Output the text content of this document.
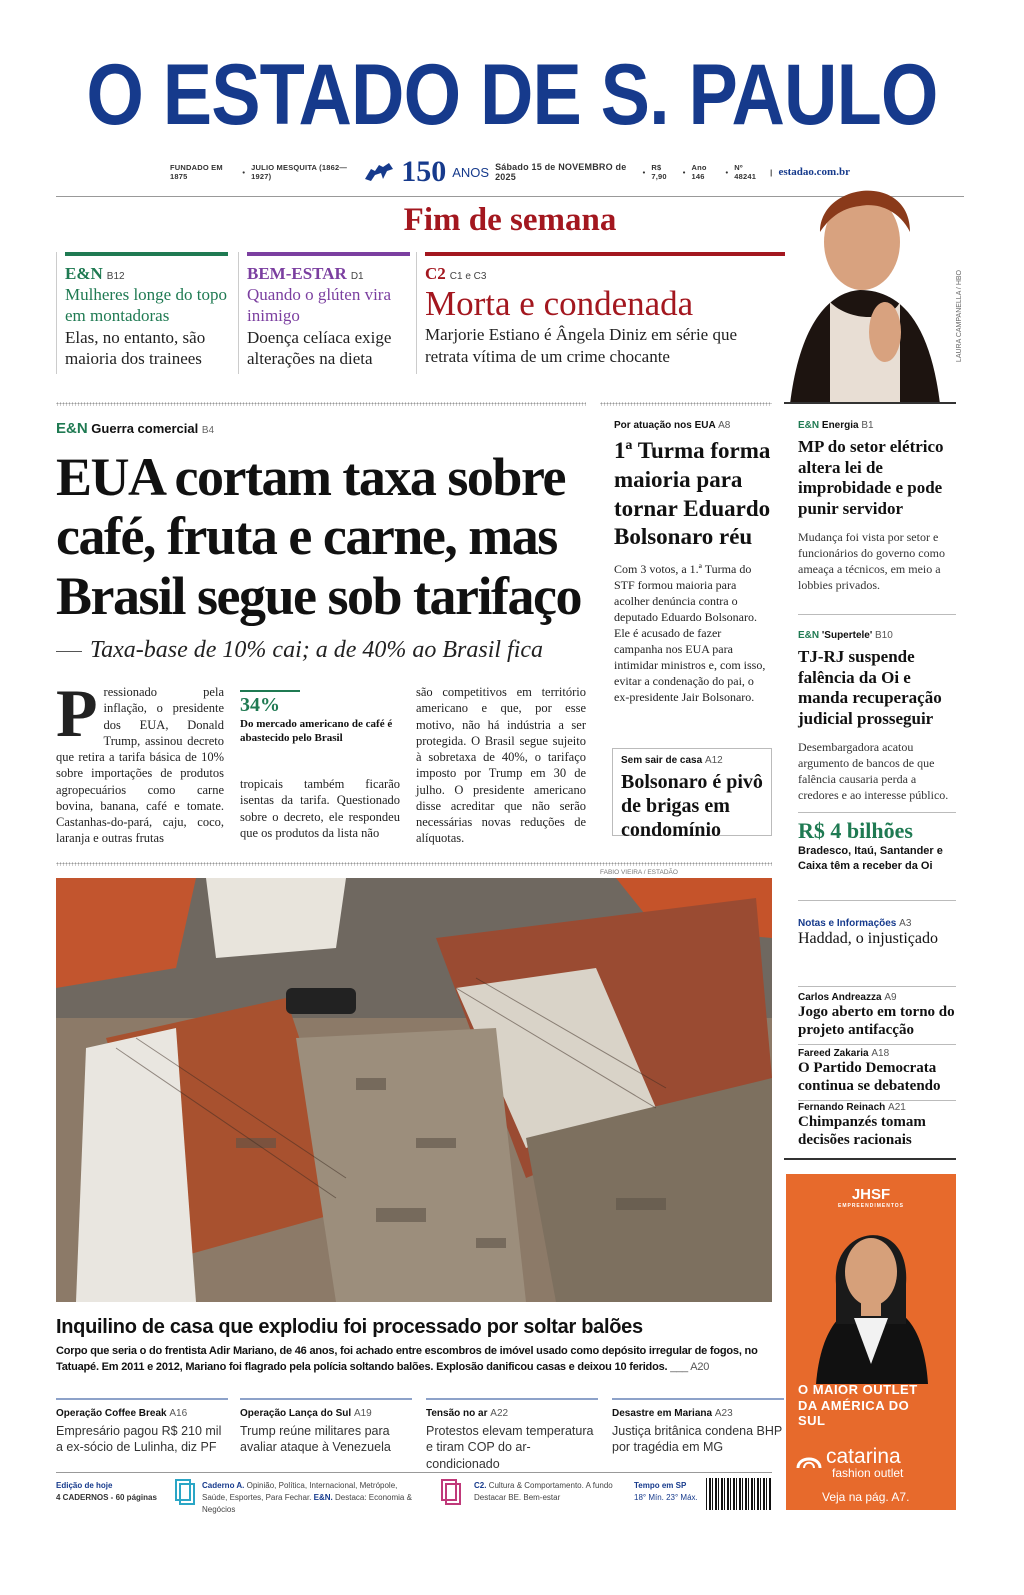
O ESTADO DE S. PAULO
FUNDADO EM 1875	• JULIO MESQUITA (1862—1927)	150 ANOS Sábado 15 de NOVEMBRO de 2025	• R$ 7,90	• Ano 146	• Nº 48241	| estadao.com.br
Fim de semana
E&N B12
Mulheres longe do topo em montadoras
Elas, no entanto, são maioria dos trainees
BEM-ESTAR D1
Quando o glúten vira inimigo
Doença celíaca exige alterações na dieta
C2 C1 e C3
Morta e condenada
Marjorie Estiano é Ângela Diniz em série que retrata vítima de um crime chocante	LAURA CAMPANELLA / HBO
E&N Guerra comercial B4
EUA cortam taxa sobre café, fruta e carne, mas Brasil segue sob tarifaço
Taxa-base de 10% cai; a de 40% ao Brasil fica
Pressionado pela inflação, o presidente dos EUA, Donald Trump, assinou decreto que retira a tarifa básica de 10% sobre importações de produtos agropecuários como carne bovina, banana, café e tomate. Castanhas-do-pará, caju, coco, laranja e outras frutas
34%
Do mercado americano de café é abastecido pelo Brasil
tropicais também ficarão isentas da tarifa. Questionado sobre o decreto, ele respondeu que os produtos da lista não
são competitivos em território americano e que, por esse motivo, não há indústria a ser protegida. O Brasil segue sujeito à sobretaxa de 40%, o tarifaço imposto por Trump em 30 de julho. O presidente americano disse acreditar que não serão necessárias novas reduções de alíquotas.
Por atuação nos EUA A8
1ª Turma forma maioria para tornar Eduardo Bolsonaro réu
Com 3 votos, a 1.ª Turma do STF formou maioria para acolher denúncia contra o deputado Eduardo Bolsonaro. Ele é acusado de fazer campanha nos EUA para intimidar ministros e, com isso, evitar a condenação do pai, o ex-presidente Jair Bolsonaro.
Sem sair de casa A12
Bolsonaro é pivô de brigas em condomínio
E&N Energia B1
MP do setor elétrico altera lei de improbidade e pode punir servidor
Mudança foi vista por setor e funcionários do governo como ameaça a técnicos, em meio a lobbies privados.
E&N 'Supertele' B10
TJ-RJ suspende falência da Oi e manda recuperação judicial prosseguir
Desembargadora acatou argumento de bancos de que falência causaria perda a credores e ao interesse público.
R$ 4 bilhões
Bradesco, Itaú, Santander e Caixa têm a receber da Oi
Notas e Informações A3
Haddad, o injustiçado
Carlos Andreazza A9
Jogo aberto em torno do projeto antifacção
Fareed Zakaria A18
O Partido Democrata continua se debatendo
Fernando Reinach A21
Chimpanzés tomam decisões racionais
FABIO VIEIRA / ESTADÃO
Inquilino de casa que explodiu foi processado por soltar balões
Corpo que seria o do frentista Adir Mariano, de 46 anos, foi achado entre escombros de imóvel usado como depósito irregular de fogos, no Tatuapé. Em 2011 e 2012, Mariano foi flagrado pela polícia soltando balões. Explosão danificou casas e deixou 10 feridos. ___ A20
Operação Coffee Break A16
Empresário pagou R$ 210 mil a ex-sócio de Lulinha, diz PF
Operação Lança do Sul A19
Trump reúne militares para avaliar ataque à Venezuela
Tensão no ar A22
Protestos elevam temperatura e tiram COP do ar-condicionado
Desastre em Mariana A23
Justiça britânica condena BHP por tragédia em MG
JHSF
EMPREENDIMENTOS
O MAIOR OUTLET DA AMÉRICA DO SUL
catarina
fashion outlet
Veja na pág. A7.
Edição de hoje
4 CADERNOS - 60 páginas
Caderno A. Opinião, Política, Internacional, Metrópole, Saúde, Esportes, Para Fechar. E&N. Destaca: Economia & Negócios
C2. Cultura & Comportamento. A fundo
Destacar BE. Bem-estar
Tempo em SP
18° Mín. 23° Máx.
